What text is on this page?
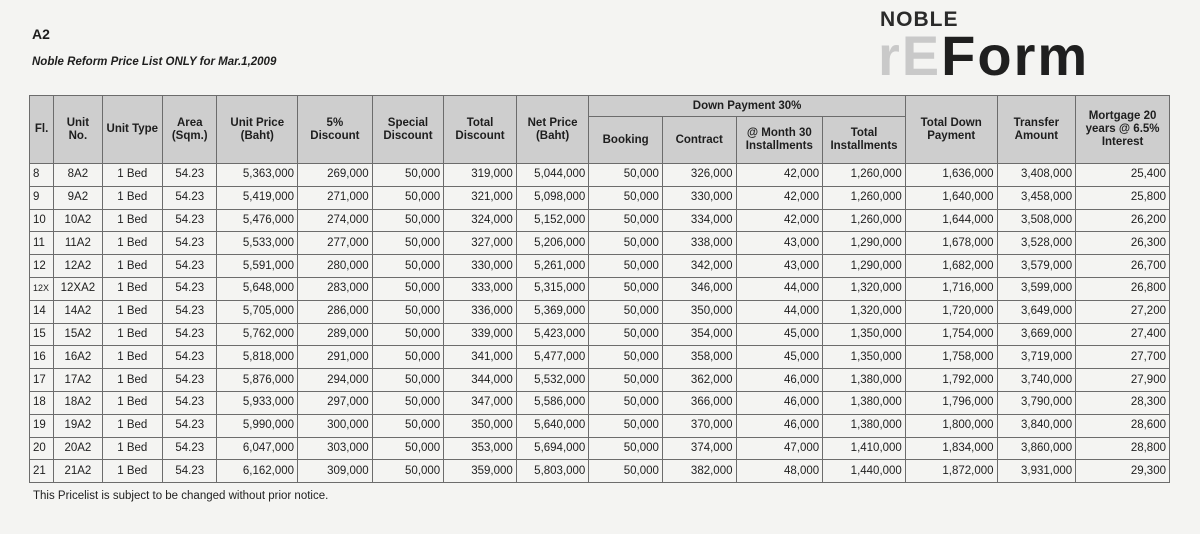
A2
Noble Reform Price List ONLY for Mar.1,2009
NOBLE
rEForm
Fl.	Unit No.	Unit Type	Area (Sqm.)	Unit Price (Baht)	5% Discount	Special Discount	Total Discount	Net Price (Baht)	Down Payment 30%				Total Down Payment	Transfer Amount	Mortgage 20 years @ 6.5% Interest
									Booking	Contract	@ Month 30 Installments	Total Installments			
8	8A2	1 Bed	54.23	5,363,000	269,000	50,000	319,000	5,044,000	50,000	326,000	42,000	1,260,000	1,636,000	3,408,000	25,400
9	9A2	1 Bed	54.23	5,419,000	271,000	50,000	321,000	5,098,000	50,000	330,000	42,000	1,260,000	1,640,000	3,458,000	25,800
10	10A2	1 Bed	54.23	5,476,000	274,000	50,000	324,000	5,152,000	50,000	334,000	42,000	1,260,000	1,644,000	3,508,000	26,200
11	11A2	1 Bed	54.23	5,533,000	277,000	50,000	327,000	5,206,000	50,000	338,000	43,000	1,290,000	1,678,000	3,528,000	26,300
12	12A2	1 Bed	54.23	5,591,000	280,000	50,000	330,000	5,261,000	50,000	342,000	43,000	1,290,000	1,682,000	3,579,000	26,700
12X	12XA2	1 Bed	54.23	5,648,000	283,000	50,000	333,000	5,315,000	50,000	346,000	44,000	1,320,000	1,716,000	3,599,000	26,800
14	14A2	1 Bed	54.23	5,705,000	286,000	50,000	336,000	5,369,000	50,000	350,000	44,000	1,320,000	1,720,000	3,649,000	27,200
15	15A2	1 Bed	54.23	5,762,000	289,000	50,000	339,000	5,423,000	50,000	354,000	45,000	1,350,000	1,754,000	3,669,000	27,400
16	16A2	1 Bed	54.23	5,818,000	291,000	50,000	341,000	5,477,000	50,000	358,000	45,000	1,350,000	1,758,000	3,719,000	27,700
17	17A2	1 Bed	54.23	5,876,000	294,000	50,000	344,000	5,532,000	50,000	362,000	46,000	1,380,000	1,792,000	3,740,000	27,900
18	18A2	1 Bed	54.23	5,933,000	297,000	50,000	347,000	5,586,000	50,000	366,000	46,000	1,380,000	1,796,000	3,790,000	28,300
19	19A2	1 Bed	54.23	5,990,000	300,000	50,000	350,000	5,640,000	50,000	370,000	46,000	1,380,000	1,800,000	3,840,000	28,600
20	20A2	1 Bed	54.23	6,047,000	303,000	50,000	353,000	5,694,000	50,000	374,000	47,000	1,410,000	1,834,000	3,860,000	28,800
21	21A2	1 Bed	54.23	6,162,000	309,000	50,000	359,000	5,803,000	50,000	382,000	48,000	1,440,000	1,872,000	3,931,000	29,300
This Pricelist is subject to be changed without prior notice.
